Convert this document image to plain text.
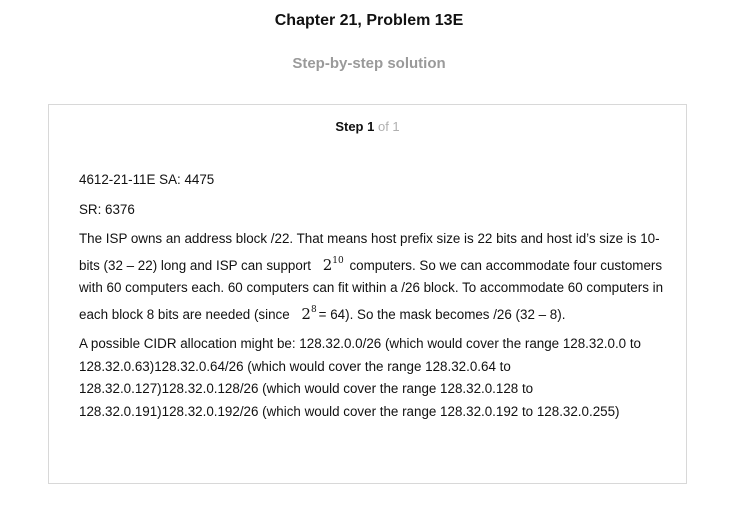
Chapter 21, Problem 13E
Step-by-step solution
Step 1 of 1

4612-21-11E SA: 4475

SR: 6376

The ISP owns an address block /22. That means host prefix size is 22 bits and host id’s size is 10-bits (32 – 22) long and ISP can support $2^{10}$ computers. So we can accommodate four customers with 60 computers each. 60 computers can fit within a /26 block. To accommodate 60 computers in each block 8 bits are needed (since $2^8 = 64$). So the mask becomes /26 (32 – 8).

A possible CIDR allocation might be: 128.32.0.0/26 (which would cover the range 128.32.0.0 to 128.32.0.63)128.32.0.64/26 (which would cover the range 128.32.0.64 to 128.32.0.127)128.32.0.128/26 (which would cover the range 128.32.0.128 to 128.32.0.191)128.32.0.192/26 (which would cover the range 128.32.0.192 to 128.32.0.255)
